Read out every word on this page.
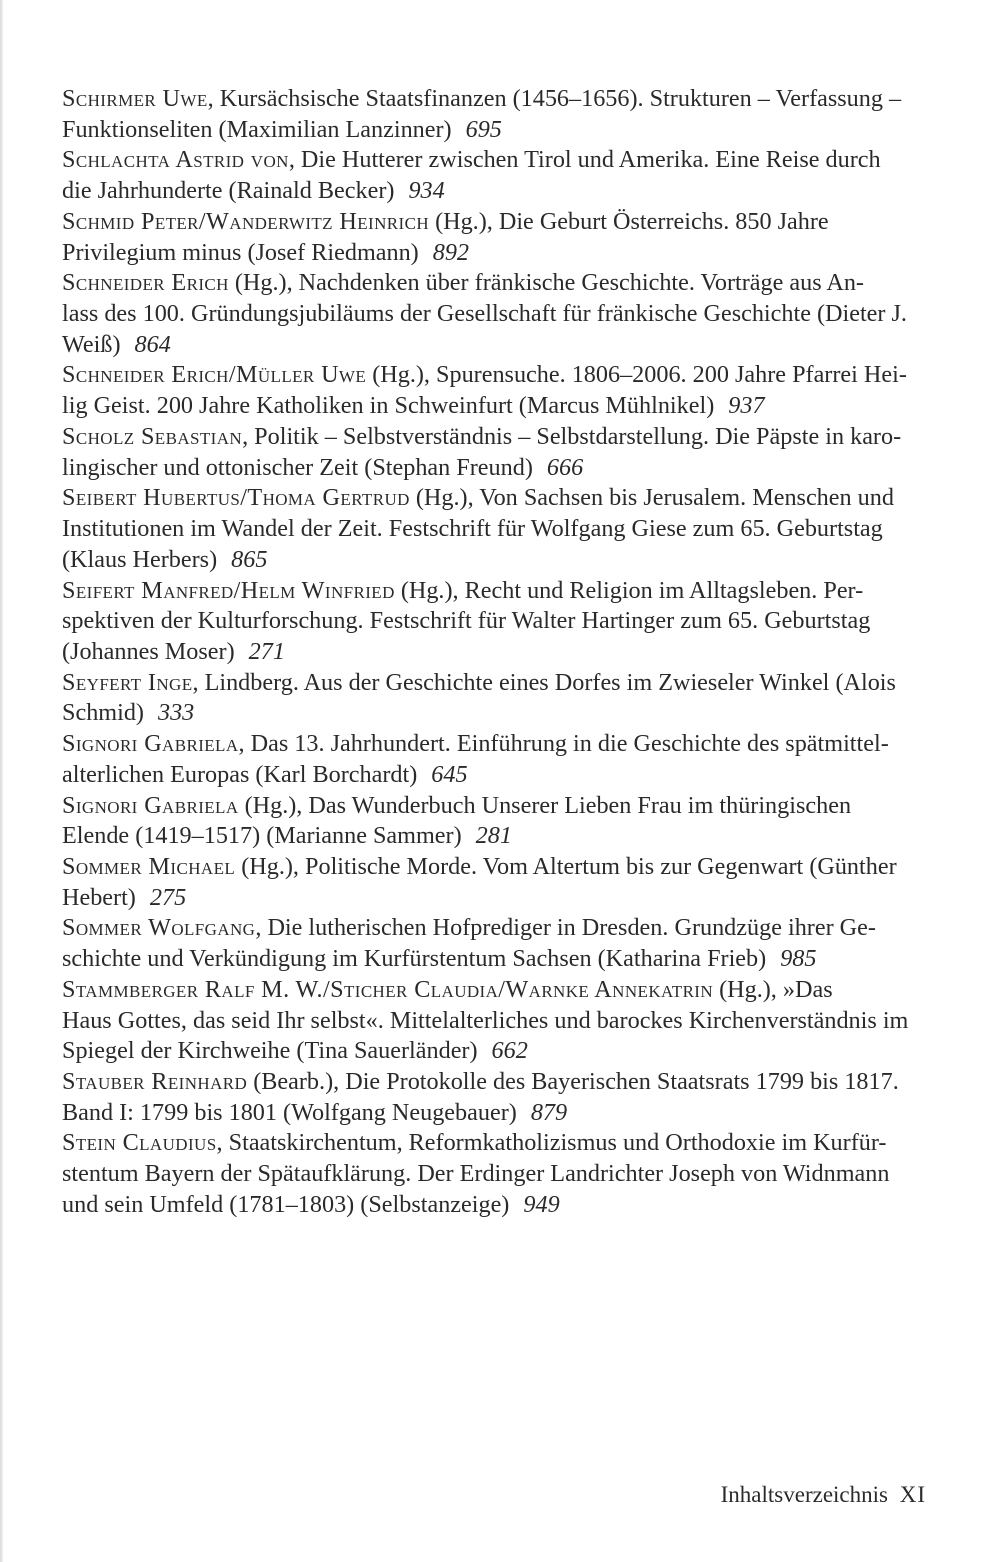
Schirmer Uwe, Kursächsische Staatsfinanzen (1456–1656). Strukturen – Verfassung –

Funktionseliten (Maximilian Lanzinner) 695

Schlachta Astrid von, Die Hutterer zwischen Tirol und Amerika. Eine Reise durch

die Jahrhunderte (Rainald Becker) 934

Schmid Peter/Wanderwitz Heinrich (Hg.), Die Geburt Österreichs. 850 Jahre

Privilegium minus (Josef Riedmann) 892

Schneider Erich (Hg.), Nachdenken über fränkische Geschichte. Vorträge aus An-

lass des 100. Gründungsjubiläums der Gesellschaft für fränkische Geschichte (Dieter J.

Weiß) 864

Schneider Erich/Müller Uwe (Hg.), Spurensuche. 1806–2006. 200 Jahre Pfarrei Hei-

lig Geist. 200 Jahre Katholiken in Schweinfurt (Marcus Mühlnikel) 937

Scholz Sebastian, Politik – Selbstverständnis – Selbstdarstellung. Die Päpste in karo-

lingischer und ottonischer Zeit (Stephan Freund) 666

Seibert Hubertus/Thoma Gertrud (Hg.), Von Sachsen bis Jerusalem. Menschen und

Institutionen im Wandel der Zeit. Festschrift für Wolfgang Giese zum 65. Geburtstag

(Klaus Herbers) 865

Seifert Manfred/Helm Winfried (Hg.), Recht und Religion im Alltagsleben. Per-

spektiven der Kulturforschung. Festschrift für Walter Hartinger zum 65. Geburtstag

(Johannes Moser) 271

Seyfert Inge, Lindberg. Aus der Geschichte eines Dorfes im Zwieseler Winkel (Alois

Schmid) 333

Signori Gabriela, Das 13. Jahrhundert. Einführung in die Geschichte des spätmittel-

alterlichen Europas (Karl Borchardt) 645

Signori Gabriela (Hg.), Das Wunderbuch Unserer Lieben Frau im thüringischen

Elende (1419–1517) (Marianne Sammer) 281

Sommer Michael (Hg.), Politische Morde. Vom Altertum bis zur Gegenwart (Günther

Hebert) 275

Sommer Wolfgang, Die lutherischen Hofprediger in Dresden. Grundzüge ihrer Ge-

schichte und Verkündigung im Kurfürstentum Sachsen (Katharina Frieb) 985

Stammberger Ralf M. W./Sticher Claudia/Warnke Annekatrin (Hg.), »Das

Haus Gottes, das seid Ihr selbst«. Mittelalterliches und barockes Kirchenverständnis im

Spiegel der Kirchweihe (Tina Sauerländer) 662

Stauber Reinhard (Bearb.), Die Protokolle des Bayerischen Staatsrats 1799 bis 1817.

Band I: 1799 bis 1801 (Wolfgang Neugebauer) 879

Stein Claudius, Staatskirchentum, Reformkatholizismus und Orthodoxie im Kurfür-

stentum Bayern der Spätaufklärung. Der Erdinger Landrichter Joseph von Widnmann

und sein Umfeld (1781–1803) (Selbstanzeige) 949

Inhaltsverzeichnis XI
